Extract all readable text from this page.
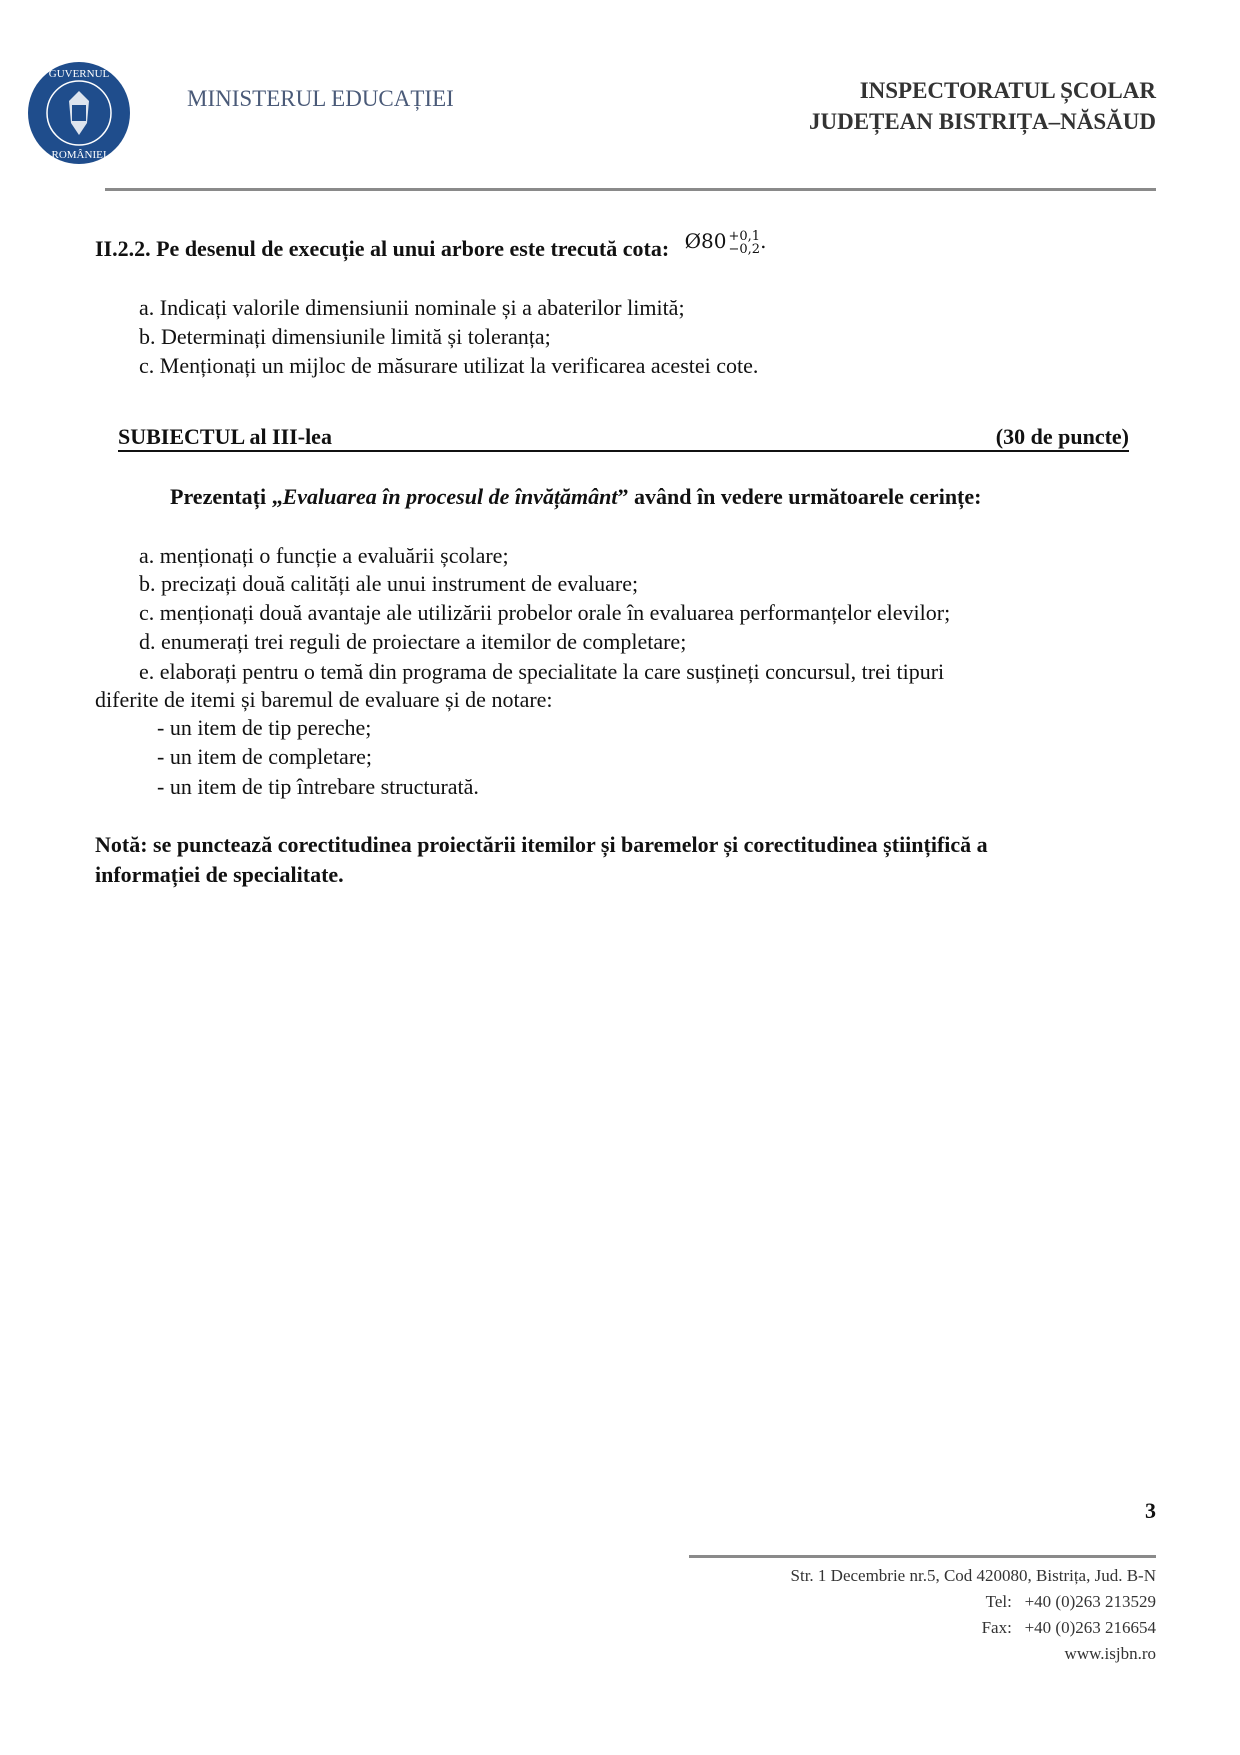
GUVERNUL
ROMÂNIEI
MINISTERUL EDUCAȚIEI	INSPECTORATUL ȘCOLAR
JUDEȚEAN BISTRIȚA–NĂSĂUD
II.2.2. Pe desenul de execuție al unui arbore este trecută cota: Ø80 +0,1
−0,2.
a. Indicați valorile dimensiunii nominale și a abaterilor limită;
b. Determinați dimensiunile limită și toleranța;
c. Menționați un mijloc de măsurare utilizat la verificarea acestei cote.
SUBIECTUL al III-lea	(30 de puncte)
Prezentați „Evaluarea în procesul de învățământ” având în vedere următoarele cerințe:
a. menționați o funcție a evaluării școlare;
b. precizați două calități ale unui instrument de evaluare;
c. menționați două avantaje ale utilizării probelor orale în evaluarea performanțelor elevilor;
d. enumerați trei reguli de proiectare a itemilor de completare;
e. elaborați pentru o temă din programa de specialitate la care susțineți concursul, trei tipuri
diferite de itemi și baremul de evaluare și de notare:
- un item de tip pereche;
- un item de completare;
- un item de tip întrebare structurată.
Notă: se punctează corectitudinea proiectării itemilor și baremelor și corectitudinea științifică a
informației de specialitate.
3
Str. 1 Decembrie nr.5, Cod 420080, Bistrița, Jud. B-N
Tel: +40 (0)263 213529
Fax: +40 (0)263 216654
www.isjbn.ro
